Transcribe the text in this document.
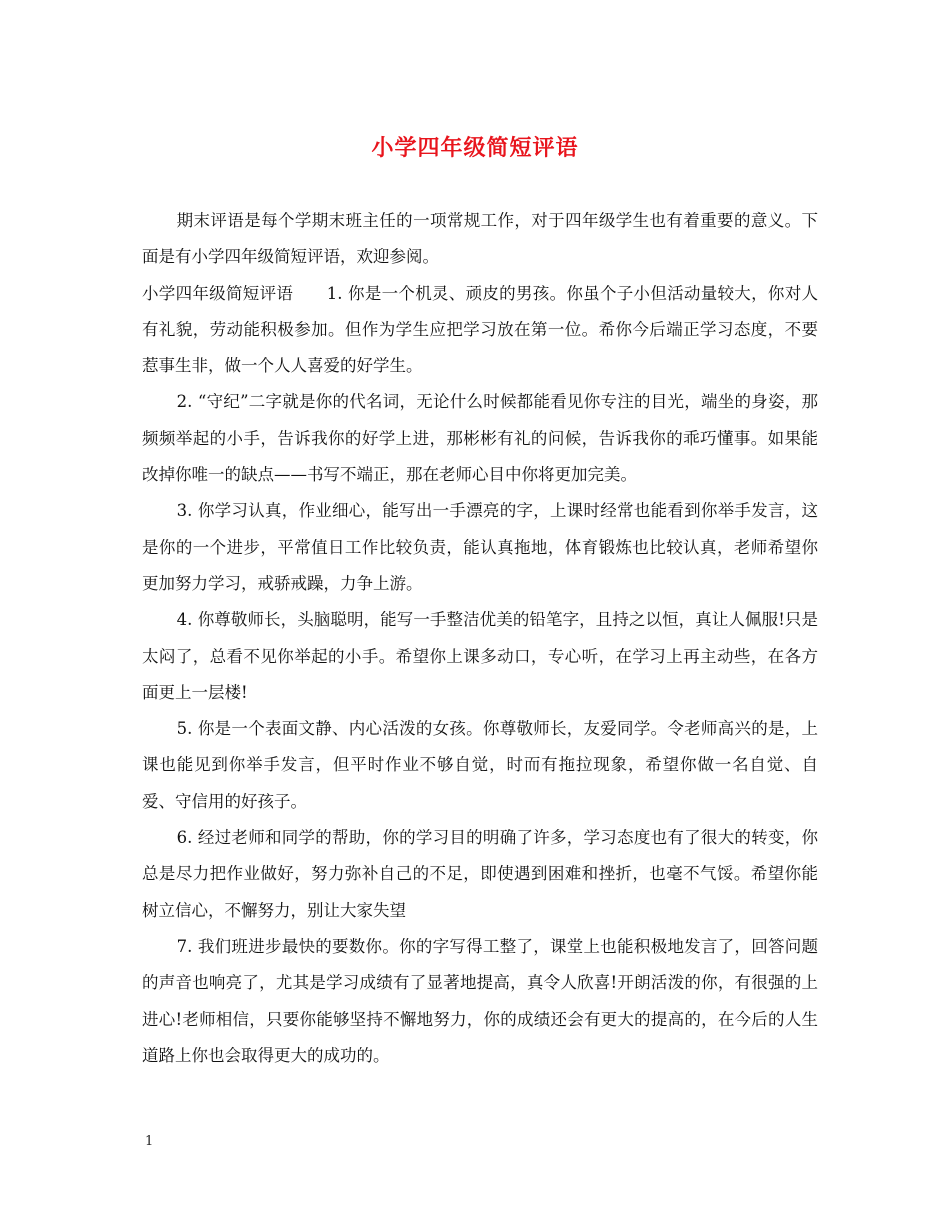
小学四年级简短评语

期末评语是每个学期末班主任的一项常规工作，对于四年级学生也有着重要的意义。下面是有小学四年级简短评语，欢迎参阅。

小学四年级简短评语　　1. 你是一个机灵、顽皮的男孩。你虽个子小但活动量较大，你对人有礼貌，劳动能积极参加。但作为学生应把学习放在第一位。希你今后端正学习态度，不要惹事生非，做一个人人喜爱的好学生。

2. “守纪”二字就是你的代名词，无论什么时候都能看见你专注的目光，端坐的身姿，那频频举起的小手，告诉我你的好学上进，那彬彬有礼的问候，告诉我你的乖巧懂事。如果能改掉你唯一的缺点——书写不端正，那在老师心目中你将更加完美。

3. 你学习认真，作业细心，能写出一手漂亮的字，上课时经常也能看到你举手发言，这是你的一个进步，平常值日工作比较负责，能认真拖地，体育锻炼也比较认真，老师希望你更加努力学习，戒骄戒躁，力争上游。

4. 你尊敬师长，头脑聪明，能写一手整洁优美的铅笔字，且持之以恒，真让人佩服!只是太闷了，总看不见你举起的小手。希望你上课多动口，专心听，在学习上再主动些，在各方面更上一层楼!

5. 你是一个表面文静、内心活泼的女孩。你尊敬师长，友爱同学。令老师高兴的是，上课也能见到你举手发言，但平时作业不够自觉，时而有拖拉现象，希望你做一名自觉、自爱、守信用的好孩子。

6. 经过老师和同学的帮助，你的学习目的明确了许多，学习态度也有了很大的转变，你总是尽力把作业做好，努力弥补自己的不足，即使遇到困难和挫折，也毫不气馁。希望你能树立信心，不懈努力，别让大家失望

7. 我们班进步最快的要数你。你的字写得工整了，课堂上也能积极地发言了，回答问题的声音也响亮了，尤其是学习成绩有了显著地提高，真令人欣喜!开朗活泼的你，有很强的上进心!老师相信，只要你能够坚持不懈地努力，你的成绩还会有更大的提高的，在今后的人生道路上你也会取得更大的成功的。

1
